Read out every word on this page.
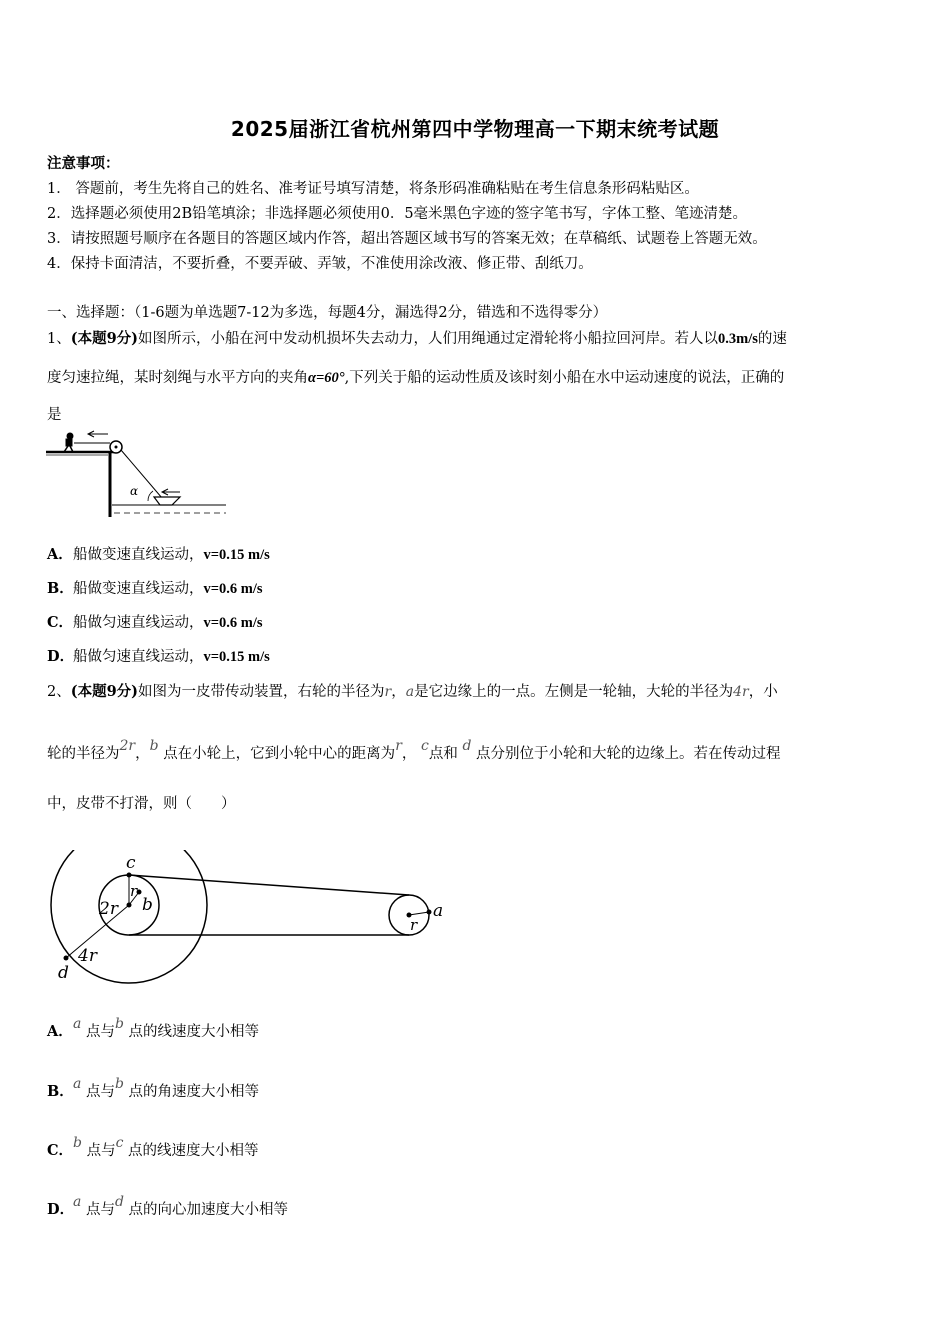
2025届浙江省杭州第四中学物理高一下期末统考试题
注意事项：
1． 答题前，考生先将自己的姓名、准考证号填写清楚，将条形码准确粘贴在考生信息条形码粘贴区。
2．选择题必须使用2B铅笔填涂；非选择题必须使用0．5毫米黑色字迹的签字笔书写，字体工整、笔迹清楚。
3．请按照题号顺序在各题目的答题区域内作答，超出答题区域书写的答案无效；在草稿纸、试题卷上答题无效。
4．保持卡面清洁，不要折叠，不要弄破、弄皱，不准使用涂改液、修正带、刮纸刀。
一、选择题：（1-6题为单选题7-12为多选，每题4分，漏选得2分，错选和不选得零分）
1、(本题9分)如图所示，小船在河中发动机损坏失去动力，人们用绳通过定滑轮将小船拉回河岸。若人以0.3m/s的速
度匀速拉绳，某时刻绳与水平方向的夹角α=60°,下列关于船的运动性质及该时刻小船在水中运动速度的说法，正确的
是
α
A．船做变速直线运动，v=0.15 m/s
B．船做变速直线运动，v=0.6 m/s
C．船做匀速直线运动，v=0.6 m/s
D．船做匀速直线运动，v=0.15 m/s
2、(本题9分)如图为一皮带传动装置，右轮的半径为r，a是它边缘上的一点。左侧是一轮轴，大轮的半径为4r，小
轮的半径为2r，b 点在小轮上，它到小轮中心的距离为r， c点和 d 点分别位于小轮和大轮的边缘上。若在传动过程
中，皮带不打滑，则（　　）
c
r
2r b
4r
d
a
r
A．a 点与b 点的线速度大小相等
B．a 点与b 点的角速度大小相等
C．b 点与c 点的线速度大小相等
D．a 点与d 点的向心加速度大小相等
